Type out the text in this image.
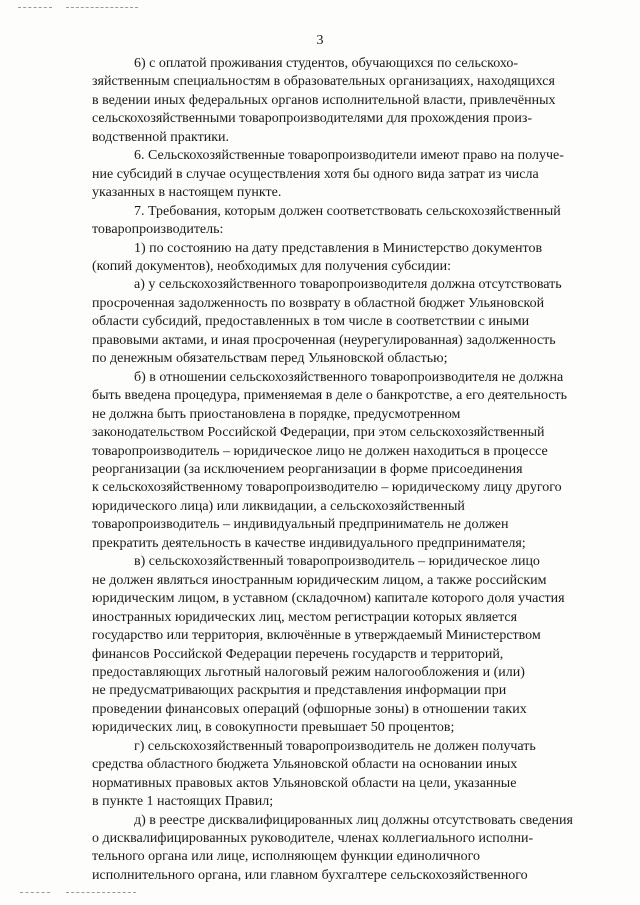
3

6) с оплатой проживания студентов, обучающихся по сельскохо-
зяйственным специальностям в образовательных организациях, находящихся
в ведении иных федеральных органов исполнительной власти, привлечённых
сельскохозяйственными товаропроизводителями для прохождения произ-
водственной практики.

6. Сельскохозяйственные товаропроизводители имеют право на получе-
ние субсидий в случае осуществления хотя бы одного вида затрат из числа
указанных в настоящем пункте.

7. Требования, которым должен соответствовать сельскохозяйственный
товаропроизводитель:

1) по состоянию на дату представления в Министерство документов
(копий документов), необходимых для получения субсидии:

а) у сельскохозяйственного товаропроизводителя должна отсутствовать
просроченная задолженность по возврату в областной бюджет Ульяновской
области субсидий, предоставленных в том числе в соответствии с иными
правовыми актами, и иная просроченная (неурегулированная) задолженность
по денежным обязательствам перед Ульяновской областью;

б) в отношении сельскохозяйственного товаропроизводителя не должна
быть введена процедура, применяемая в деле о банкротстве, а его деятельность
не должна быть приостановлена в порядке, предусмотренном
законодательством Российской Федерации, при этом сельскохозяйственный
товаропроизводитель – юридическое лицо не должен находиться в процессе
реорганизации (за исключением реорганизации в форме присоединения
к сельскохозяйственному товаропроизводителю – юридическому лицу другого
юридического лица) или ликвидации, а сельскохозяйственный
товаропроизводитель – индивидуальный предприниматель не должен
прекратить деятельность в качестве индивидуального предпринимателя;

в) сельскохозяйственный товаропроизводитель – юридическое лицо
не должен являться иностранным юридическим лицом, а также российским
юридическим лицом, в уставном (складочном) капитале которого доля участия
иностранных юридических лиц, местом регистрации которых является
государство или территория, включённые в утверждаемый Министерством
финансов Российской Федерации перечень государств и территорий,
предоставляющих льготный налоговый режим налогообложения и (или)
не предусматривающих раскрытия и представления информации при
проведении финансовых операций (офшорные зоны) в отношении таких
юридических лиц, в совокупности превышает 50 процентов;

г) сельскохозяйственный товаропроизводитель не должен получать
средства областного бюджета Ульяновской области на основании иных
нормативных правовых актов Ульяновской области на цели, указанные
в пункте 1 настоящих Правил;

д) в реестре дисквалифицированных лиц должны отсутствовать сведения
о дисквалифицированных руководителе, членах коллегиального исполни-
тельного органа или лице, исполняющем функции единоличного
исполнительного органа, или главном бухгалтере сельскохозяйственного
